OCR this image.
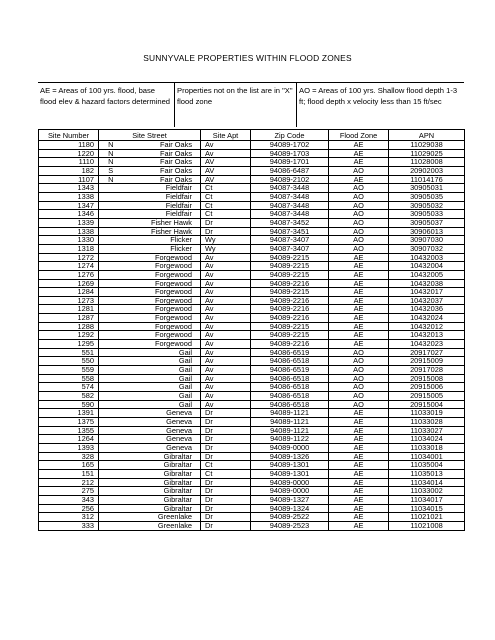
SUNNYVALE PROPERTIES WITHIN FLOOD ZONES
AE = Areas of 100 yrs. flood, base flood elev & hazard factors determined
Properties not on the list are in "X" flood zone
AO = Areas of 100 yrs. Shallow flood depth 1-3 ft; flood depth x velocity less than 15 ft/sec
Site Number	Site Street		Site Apt	Zip Code	Flood Zone	APN
1180	N	Fair Oaks	Av	94089-1702	AE	11029038
1220	N	Fair Oaks	Av	94089-1703	AE	11029025
1110	N	Fair Oaks	AV	94089-1701	AE	11028008
182	S	Fair Oaks	AV	94086-6487	AO	20902003
1107	N	Fair Oaks	AV	94089-2102	AE	11014176
1343		Fieldfair	Ct	94087-3448	AO	30905031
1338		Fieldfair	Ct	94087-3448	AO	30905035
1347		Fieldfair	Ct	94087-3448	AO	30905032
1346		Fieldfair	Ct	94087-3448	AO	30905033
1339		Fisher Hawk	Dr	94087-3452	AO	30905037
1338		Fisher Hawk	Dr	94087-3451	AO	30906013
1330		Flicker	Wy	94087-3407	AO	30907030
1318		Flicker	Wy	94087-3407	AO	30907032
1272		Forgewood	Av	94089-2215	AE	10432003
1274		Forgewood	Av	94089-2215	AE	10432004
1276		Forgewood	Av	94089-2215	AE	10432005
1269		Forgewood	Av	94089-2216	AE	10432038
1284		Forgewood	Av	94089-2215	AE	10432017
1273		Forgewood	Av	94089-2216	AE	10432037
1281		Forgewood	Av	94089-2216	AE	10432036
1287		Forgewood	Av	94089-2216	AE	10432024
1288		Forgewood	Av	94089-2215	AE	10432012
1292		Forgewood	Av	94089-2215	AE	10432013
1295		Forgewood	Av	94089-2216	AE	10432023
551		Gail	Av	94086-6519	AO	20917027
550		Gail	Av	94086-6518	AO	20915009
559		Gail	Av	94086-6519	AO	20917028
558		Gail	Av	94086-6518	AO	20915008
574		Gail	Av	94086-6518	AO	20915006
582		Gail	Av	94086-6518	AO	20915005
590		Gail	Av	94086-6518	AO	20915004
1391		Geneva	Dr	94089-1121	AE	11033019
1375		Geneva	Dr	94089-1121	AE	11033028
1355		Geneva	Dr	94089-1121	AE	11033027
1264		Geneva	Dr	94089-1122	AE	11034024
1393		Geneva	Dr	94089-0000	AE	11033018
328		Gibraltar	Dr	94089-1326	AE	11034001
165		Gibraltar	Ct	94089-1301	AE	11035004
151		Gibraltar	Ct	94089-1301	AE	11035013
212		Gibraltar	Dr	94089-0000	AE	11034014
275		Gibraltar	Dr	94089-0000	AE	11033002
343		Gibraltar	Dr	94089-1327	AE	11034017
256		Gibraltar	Dr	94089-1324	AE	11034015
312		Greenlake	Dr	94089-2522	AE	11021021
333		Greenlake	Dr	94089-2523	AE	11021008
